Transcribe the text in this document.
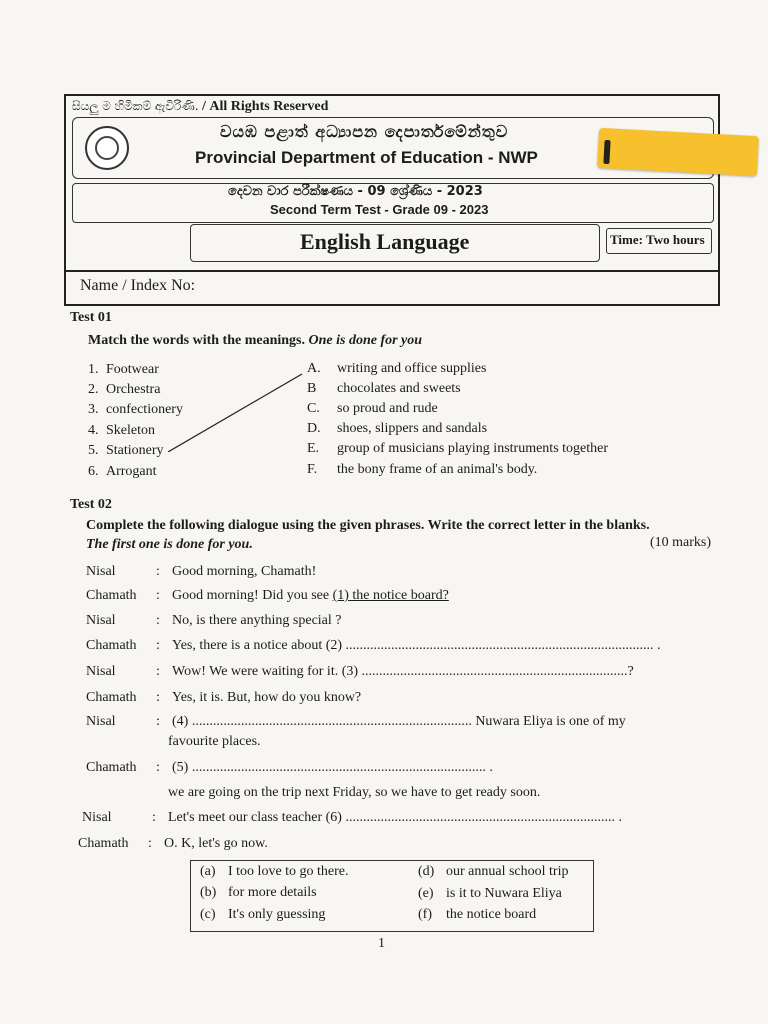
සියලු ම හිමිකම් ඇවිරිණි. / All Rights Reserved
වයඹ පළාත් අධ්‍යාපන දෙපාර්තමේන්තුව
Provincial Department of Education - NWP
දෙවන වාර පරීක්ෂණය - 09 ශ්‍රේණිය - 2023
Second Term Test - Grade 09 - 2023
English Language	Time: Two hours
Name / Index No:
Test 01
Match the words with the meanings. One is done for you
1. Footwear
2. Orchestra
3. confectionery
4. Skeleton
5. Stationery
6. Arrogant
A. writing and office supplies
B chocolates and sweets
C. so proud and rude
D. shoes, slippers and sandals
E. group of musicians playing instruments together
F. the bony frame of an animal's body.
Test 02
Complete the following dialogue using the given phrases. Write the correct letter in the blanks.
The first one is done for you.	(10 marks)
Nisal	: Good morning, Chamath!
Chamath : Good morning! Did you see (1) the notice board?
Nisal	: No, is there anything special ?
Chamath : Yes, there is a notice about (2) ........................................................................................ .
Nisal	: Wow! We were waiting for it. (3) ............................................................................?
Chamath : Yes, it is. But, how do you know?
Nisal	: (4) ................................................................................ Nuwara Eliya is one of my
favourite places.
Chamath : (5) .................................................................................... .
we are going on the trip next Friday, so we have to get ready soon.
Nisal	: Let's meet our class teacher (6) ............................................................................. .
Chamath : O. K, let's go now.
(a) I too love to go there.
(b) for more details
(c) It's only guessing
(d) our annual school trip
(e) is it to Nuwara Eliya
(f) the notice board
1
